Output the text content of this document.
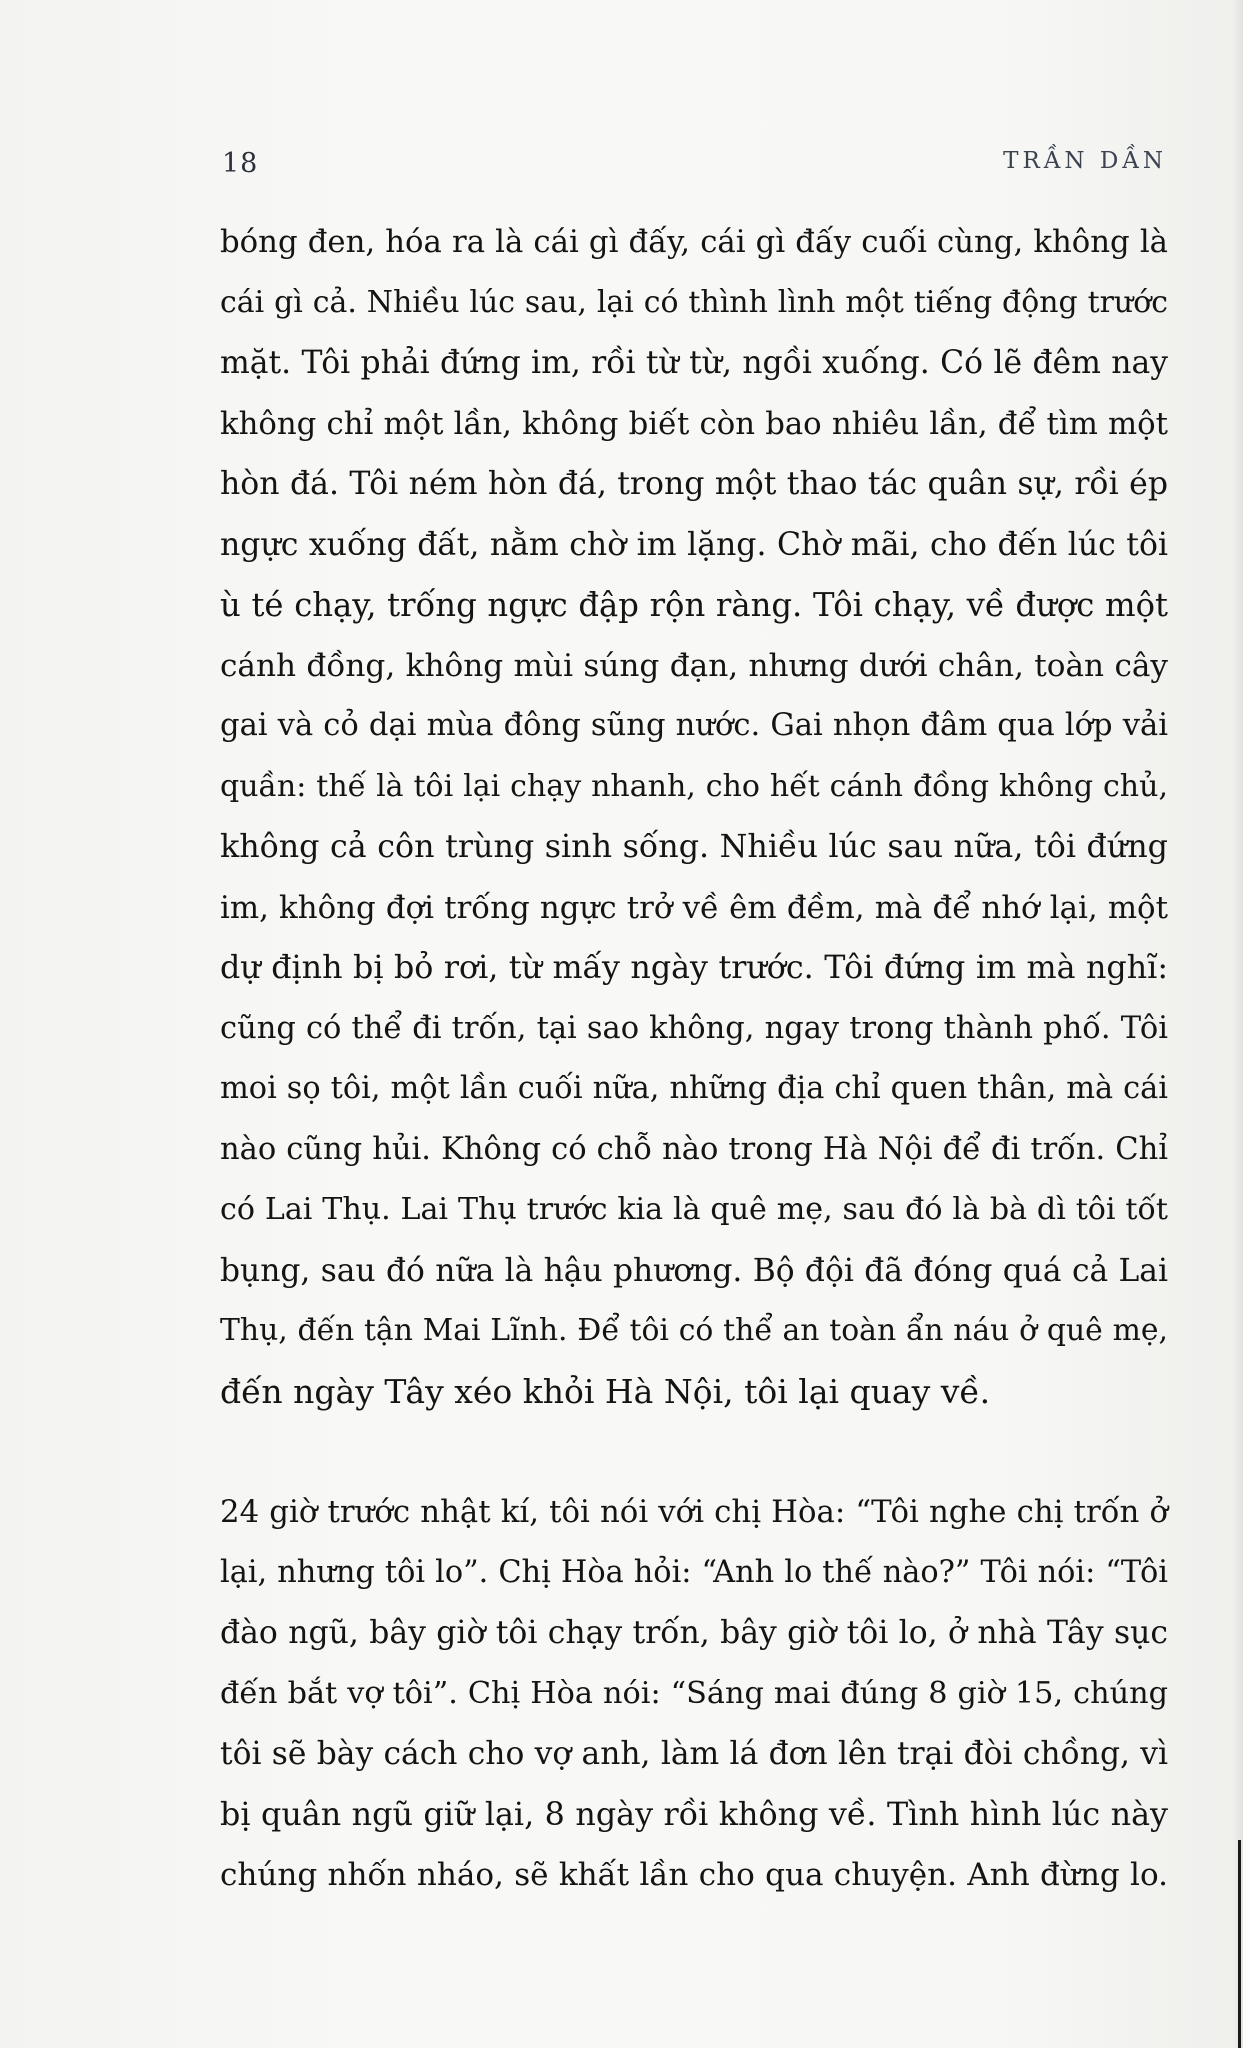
18	TRẦN DẦN
bóng đen, hóa ra là cái gì đấy, cái gì đấy cuối cùng, không là
cái gì cả. Nhiều lúc sau, lại có thình lình một tiếng động trước
mặt. Tôi phải đứng im, rồi từ từ, ngồi xuống. Có lẽ đêm nay
không chỉ một lần, không biết còn bao nhiêu lần, để tìm một
hòn đá. Tôi ném hòn đá, trong một thao tác quân sự, rồi ép
ngực xuống đất, nằm chờ im lặng. Chờ mãi, cho đến lúc tôi
ù té chạy, trống ngực đập rộn ràng. Tôi chạy, về được một
cánh đồng, không mùi súng đạn, nhưng dưới chân, toàn cây
gai và cỏ dại mùa đông sũng nước. Gai nhọn đâm qua lớp vải
quần: thế là tôi lại chạy nhanh, cho hết cánh đồng không chủ,
không cả côn trùng sinh sống. Nhiều lúc sau nữa, tôi đứng
im, không đợi trống ngực trở về êm đềm, mà để nhớ lại, một
dự định bị bỏ rơi, từ mấy ngày trước. Tôi đứng im mà nghĩ:
cũng có thể đi trốn, tại sao không, ngay trong thành phố. Tôi
moi sọ tôi, một lần cuối nữa, những địa chỉ quen thân, mà cái
nào cũng hủi. Không có chỗ nào trong Hà Nội để đi trốn. Chỉ
có Lai Thụ. Lai Thụ trước kia là quê mẹ, sau đó là bà dì tôi tốt
bụng, sau đó nữa là hậu phương. Bộ đội đã đóng quá cả Lai
Thụ, đến tận Mai Lĩnh. Để tôi có thể an toàn ẩn náu ở quê mẹ,
đến ngày Tây xéo khỏi Hà Nội, tôi lại quay về.
24 giờ trước nhật kí, tôi nói với chị Hòa: “Tôi nghe chị trốn ở
lại, nhưng tôi lo”. Chị Hòa hỏi: “Anh lo thế nào?” Tôi nói: “Tôi
đào ngũ, bây giờ tôi chạy trốn, bây giờ tôi lo, ở nhà Tây sục
đến bắt vợ tôi”. Chị Hòa nói: “Sáng mai đúng 8 giờ 15, chúng
tôi sẽ bày cách cho vợ anh, làm lá đơn lên trại đòi chồng, vì
bị quân ngũ giữ lại, 8 ngày rồi không về. Tình hình lúc này
chúng nhốn nháo, sẽ khất lần cho qua chuyện. Anh đừng lo.
